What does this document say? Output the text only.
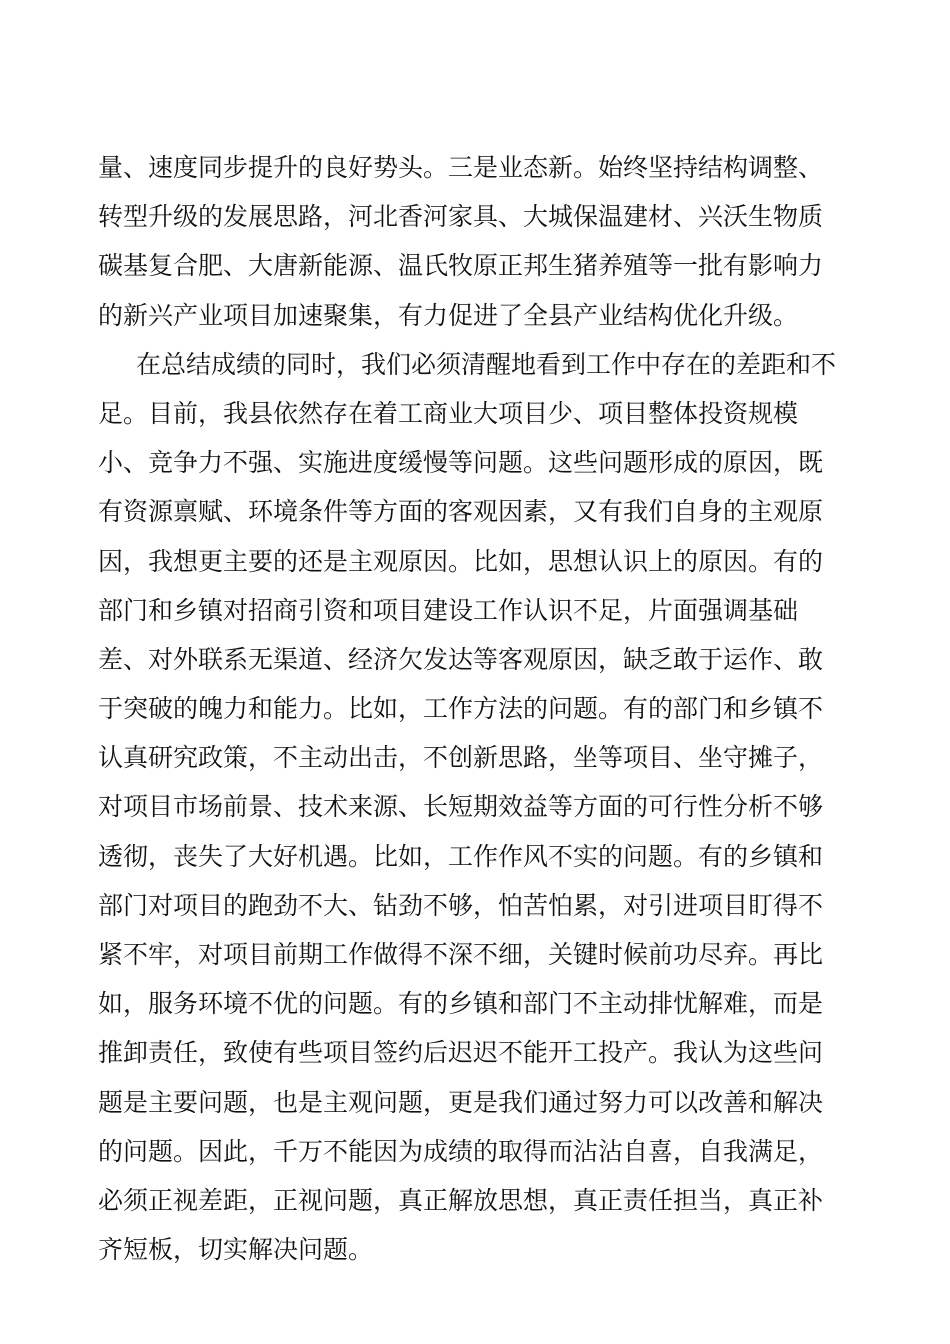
量、速度同步提升的良好势头。三是业态新。始终坚持结构调整、
转型升级的发展思路，河北香河家具、大城保温建材、兴沃生物质
碳基复合肥、大唐新能源、温氏牧原正邦生猪养殖等一批有影响力
的新兴产业项目加速聚集，有力促进了全县产业结构优化升级。
在总结成绩的同时，我们必须清醒地看到工作中存在的差距和不
足。目前，我县依然存在着工商业大项目少、项目整体投资规模
小、竞争力不强、实施进度缓慢等问题。这些问题形成的原因，既
有资源禀赋、环境条件等方面的客观因素，又有我们自身的主观原
因，我想更主要的还是主观原因。比如，思想认识上的原因。有的
部门和乡镇对招商引资和项目建设工作认识不足，片面强调基础
差、对外联系无渠道、经济欠发达等客观原因，缺乏敢于运作、敢
于突破的魄力和能力。比如，工作方法的问题。有的部门和乡镇不
认真研究政策，不主动出击，不创新思路，坐等项目、坐守摊子，
对项目市场前景、技术来源、长短期效益等方面的可行性分析不够
透彻，丧失了大好机遇。比如，工作作风不实的问题。有的乡镇和
部门对项目的跑劲不大、钻劲不够，怕苦怕累，对引进项目盯得不
紧不牢，对项目前期工作做得不深不细，关键时候前功尽弃。再比
如，服务环境不优的问题。有的乡镇和部门不主动排忧解难，而是
推卸责任，致使有些项目签约后迟迟不能开工投产。我认为这些问
题是主要问题，也是主观问题，更是我们通过努力可以改善和解决
的问题。因此，千万不能因为成绩的取得而沾沾自喜，自我满足，
必须正视差距，正视问题，真正解放思想，真正责任担当，真正补
齐短板，切实解决问题。
